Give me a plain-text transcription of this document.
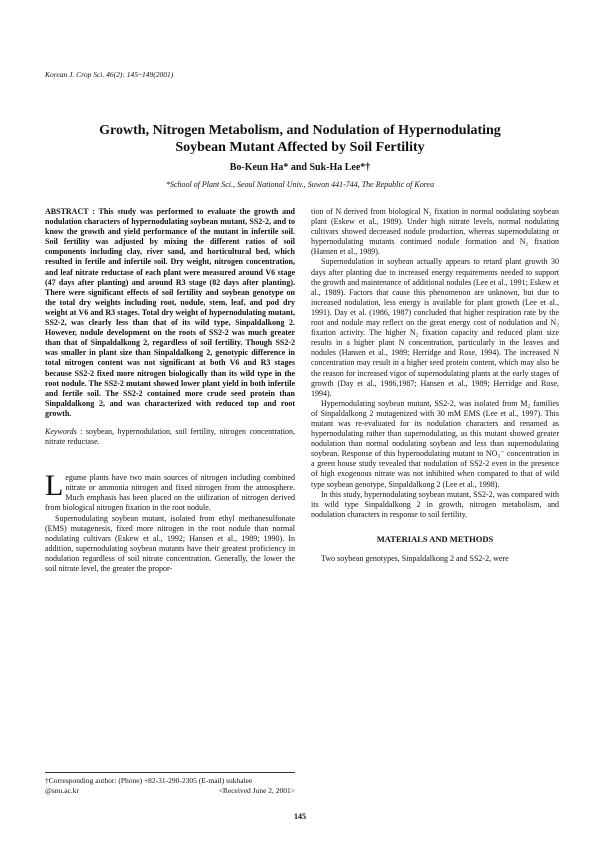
Korean J. Crop Sci. 46(2): 145~149(2001)

Growth, Nitrogen Metabolism, and Nodulation of Hypernodulating
Soybean Mutant Affected by Soil Fertility

Bo-Keun Ha* and Suk-Ha Lee*†

*School of Plant Sci., Seoul National Univ., Suwon 441-744, The Republic of Korea

ABSTRACT : This study was performed to evaluate the growth and nodulation characters of hypernodulating soybean mutant, SS2-2, and to know the growth and yield performance of the mutant in infertile soil. Soil fertility was adjusted by mixing the different ratios of soil components including clay, river sand, and horticultural bed, which resulted in fertile and infertile soil. Dry weight, nitrogen concentration, and leaf nitrate reductase of each plant were measured around V6 stage (47 days after planting) and around R3 stage (82 days after planting). There were significant effects of soil fertility and soybean genotype on the total dry weights including root, nodule, stem, leaf, and pod dry weight at V6 and R3 stages. Total dry weight of hypernodulating mutant, SS2-2, was clearly less than that of its wild type, Sinpaldalkong 2. However, nodule development on the roots of SS2-2 was much greater than that of Sinpaldalkong 2, regardless of soil fertility. Though SS2-2 was smaller in plant size than Sinpaldalkong 2, genotypic difference in total nitrogen content was not significant at both V6 and R3 stages because SS2-2 fixed more nitrogen biologically than its wild type in the root nodule. The SS2-2 mutant showed lower plant yield in both infertile and fertile soil. The SS2-2 contained more crude seed protein than Sinpaldalkong 2, and was characterized with reduced top and root growth.

Keywords : soybean, hypernodulation, soil fertility, nitrogen concentration, nitrate reductase.

Legume plants have two main sources of nitrogen including combined nitrate or ammonia nitrogen and fixed nitrogen from the atmosphere. Much emphasis has been placed on the utilization of nitrogen derived from biological nitrogen fixation in the root nodule.

Supernodulating soybean mutant, isolated from ethyl methanesulfonate (EMS) mutagenesis, fixed more nitrogen in the root nodule than normal nodulating cultivars (Eskew et al., 1992; Hansen et al., 1989; 1990). In addition, supernodulating soybean mutants have their greatest proficiency in nodulation regardless of soil nitrate concentration. Generally, the lower the soil nitrate level, the greater the propor-

tion of N derived from biological N₂ fixation in normal nodulating soybean plant (Eskew et al., 1989). Under high nitrate levels, normal nodulating cultivars showed decreased nodule production, whereas supernodulating or hypernodulating mutants continued nodule formation and N₂ fixation (Hansen et al., 1989).

Supernodulation in soybean actually appears to retard plant growth 30 days after planting due to increased energy requirements needed to support the growth and maintenance of additional nodules (Lee et al., 1991; Eskew et al., 1989). Factors that cause this phenomenon are unknown, but due to increased nodulation, less energy is available for plant growth (Lee et al., 1991). Day et al. (1986, 1987) concluded that higher respiration rate by the root and nodule may reflect on the great energy cost of nodulation and N₂ fixation activity. The higher N₂ fixation capacity and reduced plant size results in a higher plant N concentration, particularly in the leaves and nodules (Hansen et al., 1989; Herridge and Rose, 1994). The increased N concentration may result in a higher seed protein content, which may also be the reason for increased vigor of supernodulating plants at the early stages of growth (Day et al., 1986,1987; Hansen et al., 1989; Herridge and Rose, 1994).

Hypernodulating soybean mutant, SS2-2, was isolated from M₂ families of Sinpaldalkong 2 mutagenized with 30 mM EMS (Lee et al., 1997). This mutant was re-evaluated for its nodulation characters and renamed as hypernodulating rather than supernodulating, as this mutant showed greater nodulation than normal nodulating soybean and less than supernodulating soybean. Response of this hypernodulating mutant to NO₃⁻ concentration in a green house study revealed that nodulation of SS2-2 even in the presence of high exogenous nitrate was not inhibited when compared to that of wild type soybean genotype, Sinpaldalkong 2 (Lee et al., 1998).

In this study, hypernodulating soybean mutant, SS2-2, was compared with its wild type Sinpaldalkong 2 in growth, nitrogen metabolism, and nodulation characters in response to soil fertility.

MATERIALS AND METHODS

Two soybean genotypes, Sinpaldalkong 2 and SS2-2, were

†Corresponding author: (Phone) +82-31-290-2305 (E-mail) sukhalee

@snu.ac.kr	<Received June 2, 2001>

145
